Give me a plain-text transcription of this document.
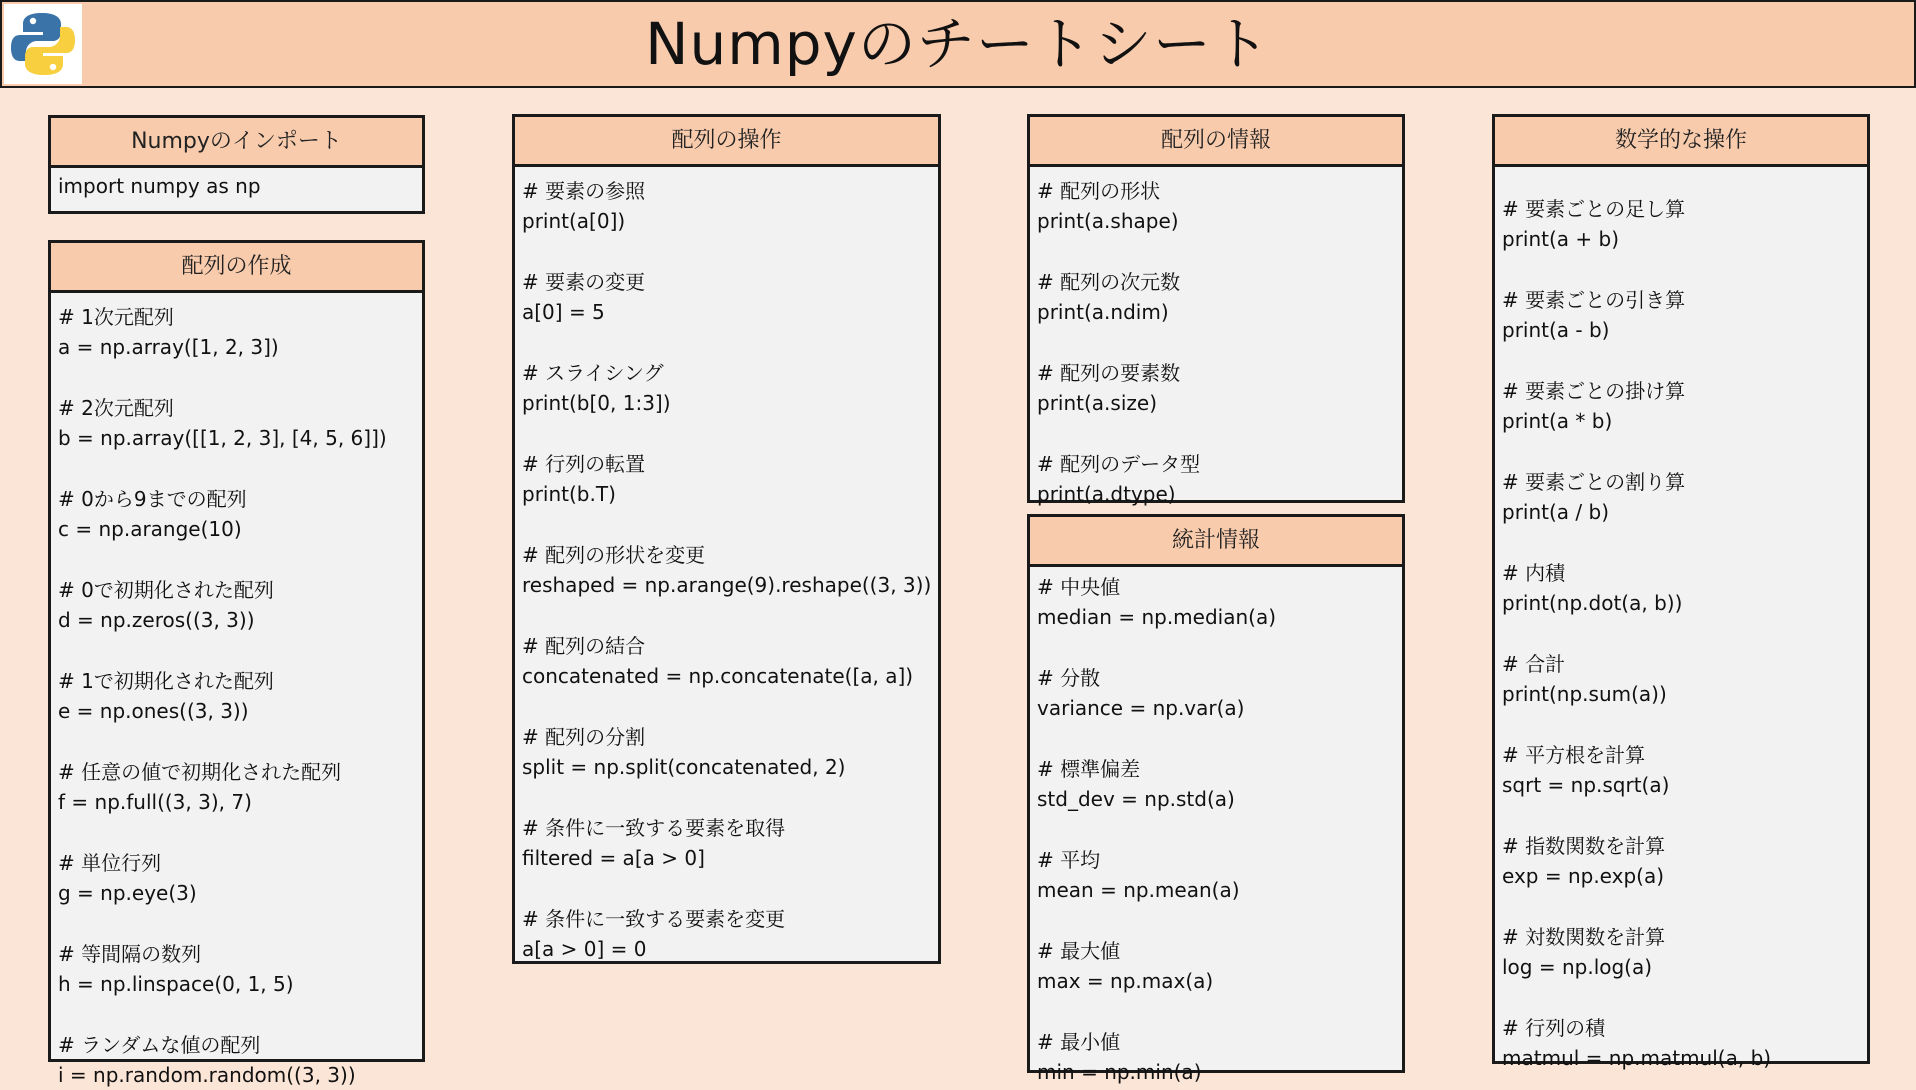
Numpyのチートシート
Numpyのインポート
import numpy as np
配列の作成
# 1次元配列
a = np.array([1, 2, 3])
# 2次元配列
b = np.array([[1, 2, 3], [4, 5, 6]])
# 0から9までの配列
c = np.arange(10)
# 0で初期化された配列
d = np.zeros((3, 3))
# 1で初期化された配列
e = np.ones((3, 3))
# 任意の値で初期化された配列
f = np.full((3, 3), 7)
# 単位行列
g = np.eye(3)
# 等間隔の数列
h = np.linspace(0, 1, 5)
# ランダムな値の配列
i = np.random.random((3, 3))
配列の操作
# 要素の参照
print(a[0])
# 要素の変更
a[0] = 5
# スライシング
print(b[0, 1:3])
# 行列の転置
print(b.T)
# 配列の形状を変更
reshaped = np.arange(9).reshape((3, 3))
# 配列の結合
concatenated = np.concatenate([a, a])
# 配列の分割
split = np.split(concatenated, 2)
# 条件に一致する要素を取得
filtered = a[a > 0]
# 条件に一致する要素を変更
a[a > 0] = 0
配列の情報
# 配列の形状
print(a.shape)
# 配列の次元数
print(a.ndim)
# 配列の要素数
print(a.size)
# 配列のデータ型
print(a.dtype)
統計情報
# 中央値
median = np.median(a)
# 分散
variance = np.var(a)
# 標準偏差
std_dev = np.std(a)
# 平均
mean = np.mean(a)
# 最大値
max = np.max(a)
# 最小値
min = np.min(a)
数学的な操作
# 要素ごとの足し算
print(a + b)
# 要素ごとの引き算
print(a - b)
# 要素ごとの掛け算
print(a * b)
# 要素ごとの割り算
print(a / b)
# 内積
print(np.dot(a, b))
# 合計
print(np.sum(a))
# 平方根を計算
sqrt = np.sqrt(a)
# 指数関数を計算
exp = np.exp(a)
# 対数関数を計算
log = np.log(a)
# 行列の積
matmul = np.matmul(a, b)
